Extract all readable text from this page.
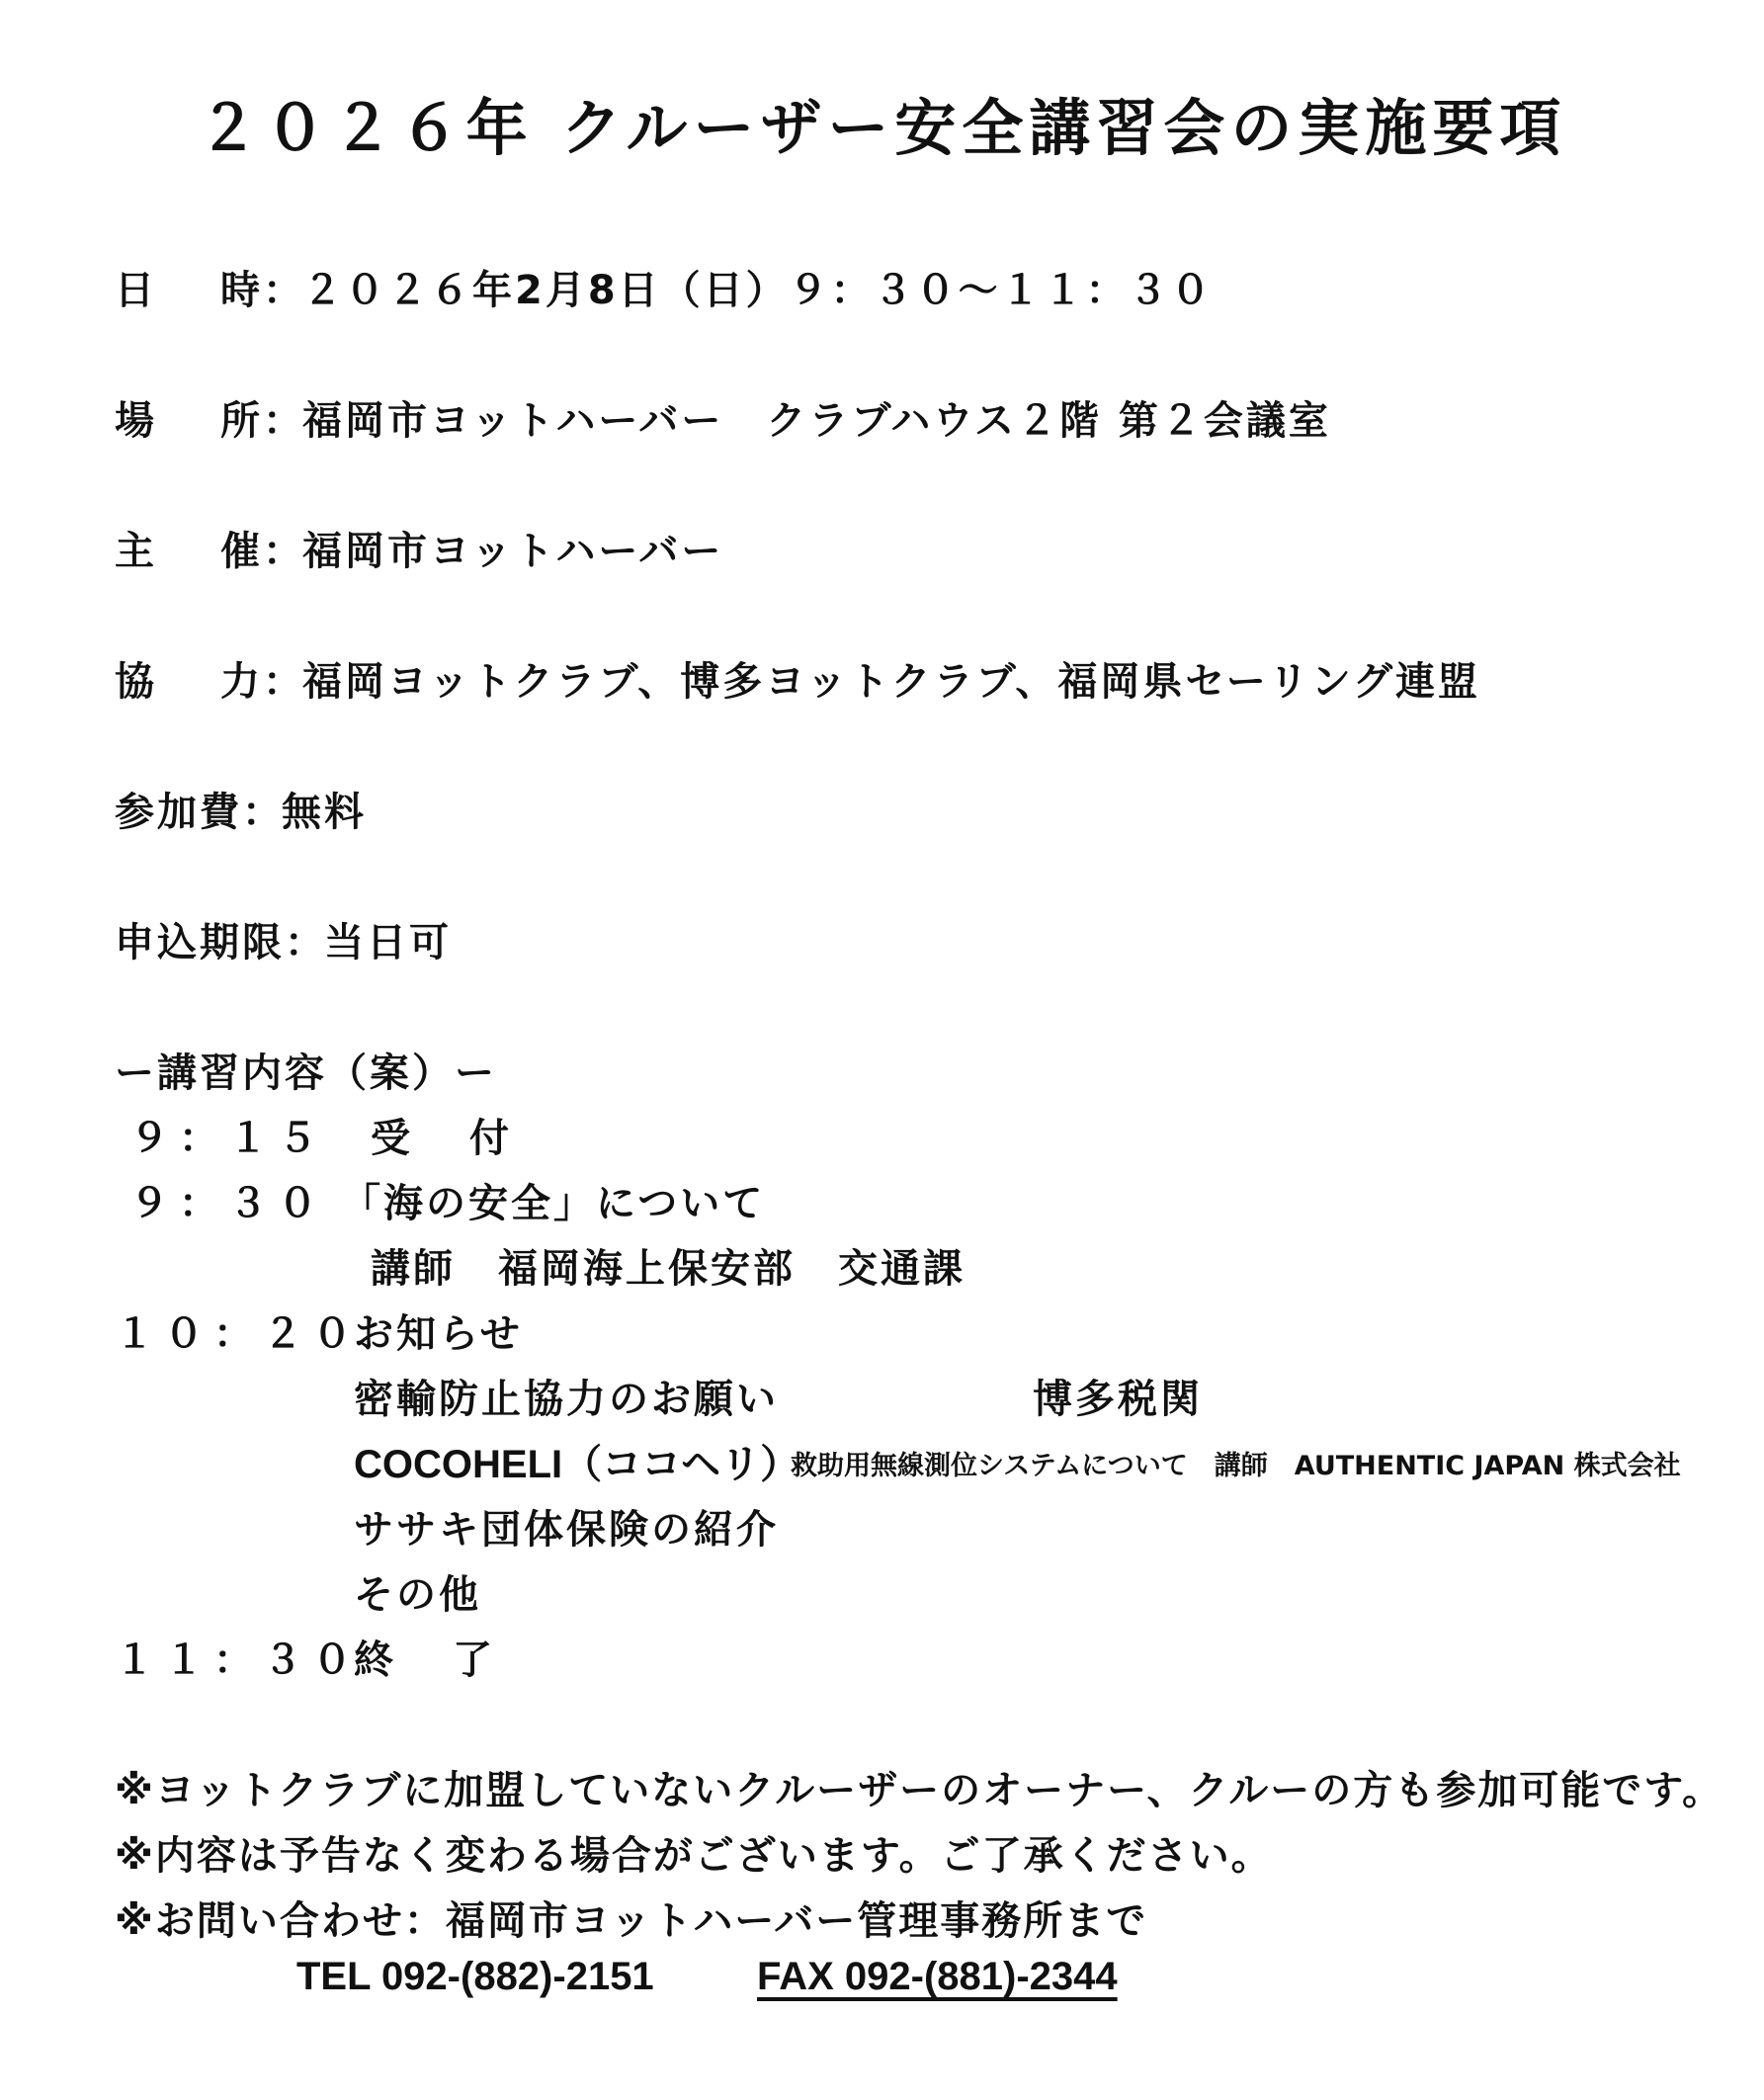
２０２６年 クルーザー安全講習会の実施要項
日　時：２０２６年2月8日（日）９：３０〜１１：３０
場　所：福岡市ヨットハーバー　クラブハウス２階 第２会議室
主　催：福岡市ヨットハーバー
協　力：福岡ヨットクラブ、博多ヨットクラブ、福岡県セーリング連盟
参加費：無料
申込期限：当日可
ー講習内容（案）ー
９：１５ 受　付
９：３０ 「海の安全」について
講師　福岡海上保安部　交通課
１０：２０
お知らせ
密輸防止協力のお願い	博多税関
COCOHELI（ココヘリ）
救助用無線測位システムについて　講師　AUTHENTIC JAPAN 株式会社
ササキ団体保険の紹介
その他
１１：３０
終　了
※ヨットクラブに加盟していないクルーザーのオーナー、クルーの方も参加可能です。
※内容は予告なく変わる場合がございます。ご了承ください。
※お問い合わせ：福岡市ヨットハーバー管理事務所まで
TEL 092-(882)-2151	FAX 092-(881)-2344
